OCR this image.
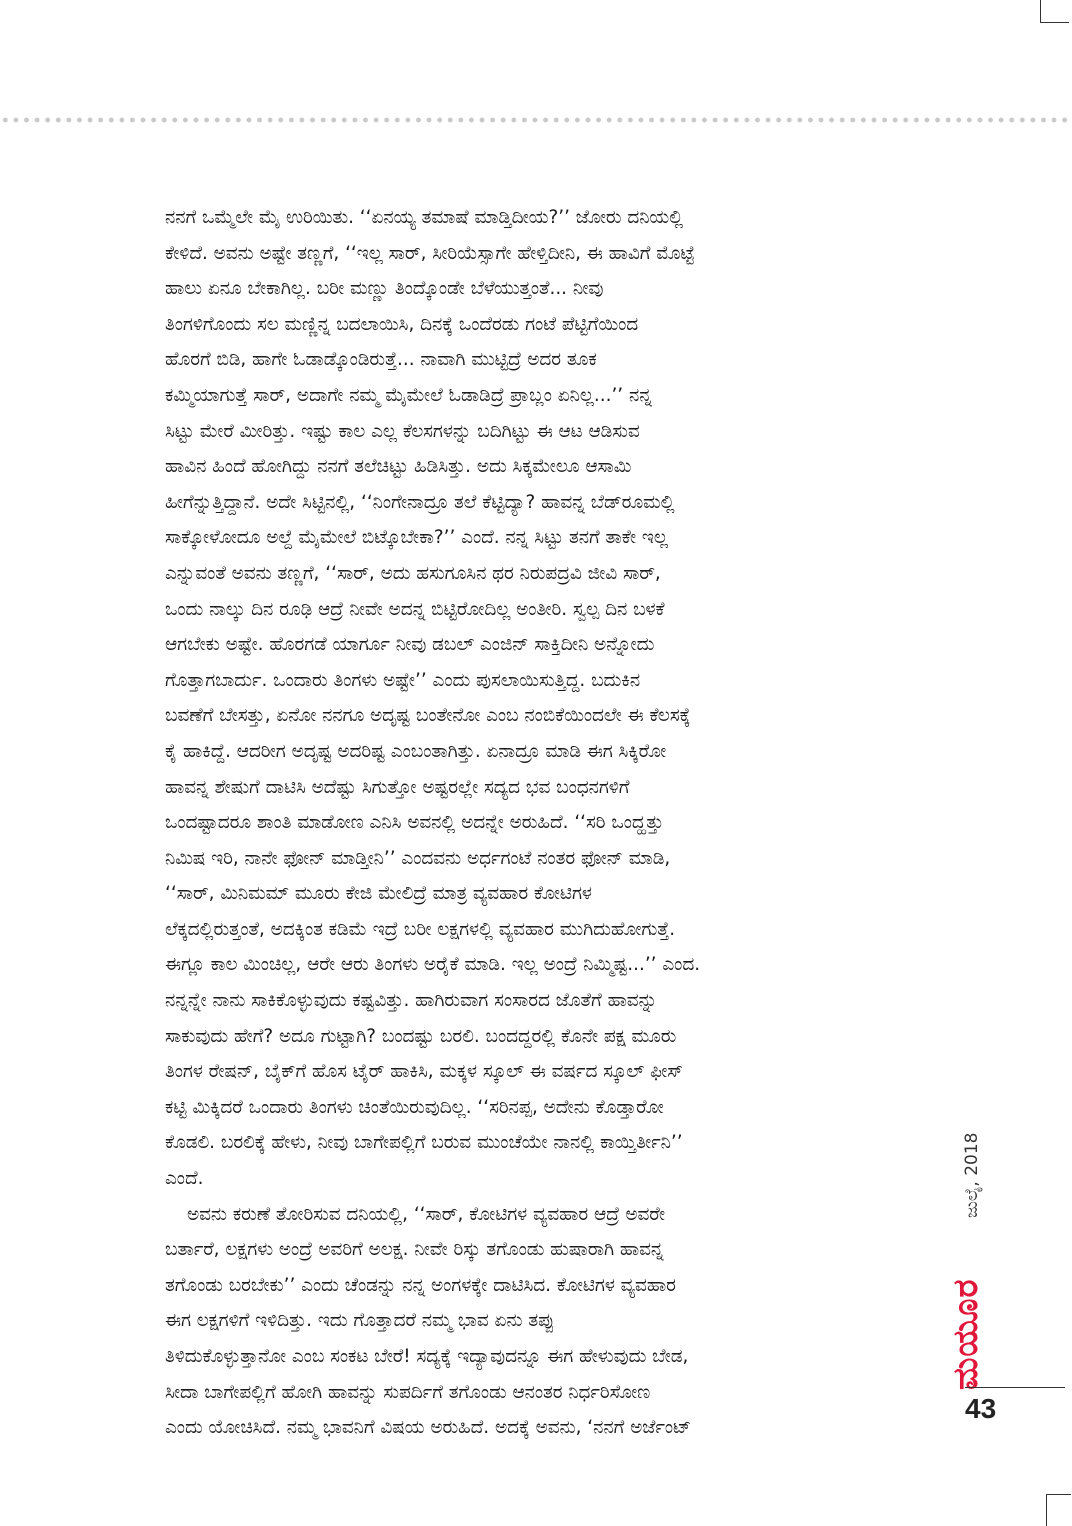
ನನಗೆ ಒಮ್ಮೆಲೇ ಮೈ ಉರಿಯಿತು. ‘‘ಏನಯ್ಯ ತಮಾಷೆ ಮಾಡ್ತಿದೀಯ?’’ ಜೋರು ದನಿಯಲ್ಲಿ
ಕೇಳಿದೆ. ಅವನು ಅಷ್ಟೇ ತಣ್ಣಗೆ, ‘‘ಇಲ್ಲ ಸಾರ್, ಸೀರಿಯೆಸ್ಸಾಗೇ ಹೇಳ್ತಿದೀನಿ, ಈ ಹಾವಿಗೆ ಮೊಟ್ಟೆ
ಹಾಲು ಏನೂ ಬೇಕಾಗಿಲ್ಲ. ಬರೀ ಮಣ್ಣು ತಿಂದ್ಕೊಂಡೇ ಬೆಳೆಯುತ್ತಂತೆ... ನೀವು
ತಿಂಗಳಿಗೊಂದು ಸಲ ಮಣ್ಣಿನ್ನ ಬದಲಾಯಿಸಿ, ದಿನಕ್ಕೆ ಒಂದೆರಡು ಗಂಟೆ ಪೆಟ್ಟಿಗೆಯಿಂದ
ಹೊರಗೆ ಬಿಡಿ, ಹಾಗೇ ಓಡಾಡ್ಕೊಂಡಿರುತ್ತೆ... ನಾವಾಗಿ ಮುಟ್ಟಿದ್ರೆ ಅದರ ತೂಕ
ಕಮ್ಮಿಯಾಗುತ್ತೆ ಸಾರ್, ಅದಾಗೇ ನಮ್ಮ ಮೈಮೇಲೆ ಓಡಾಡಿದ್ರೆ ಪ್ರಾಬ್ಲಂ ಏನಿಲ್ಲ...’’ ನನ್ನ
ಸಿಟ್ಟು ಮೇರೆ ಮೀರಿತ್ತು. ಇಷ್ಟು ಕಾಲ ಎಲ್ಲ ಕೆಲಸಗಳನ್ನು ಬದಿಗಿಟ್ಟು ಈ ಆಟ ಆಡಿಸುವ
ಹಾವಿನ ಹಿಂದೆ ಹೋಗಿದ್ದು ನನಗೆ ತಲೆಚಿಟ್ಟು ಹಿಡಿಸಿತ್ತು. ಅದು ಸಿಕ್ಕಮೇಲೂ ಆಸಾಮಿ
ಹೀಗೆನ್ನುತ್ತಿದ್ದಾನೆ. ಅದೇ ಸಿಟ್ಟಿನಲ್ಲಿ, ‘‘ನಿಂಗೇನಾದ್ರೂ ತಲೆ ಕೆಟ್ಟಿದ್ಯಾ? ಹಾವನ್ನ ಬೆಡ್‌ರೂಮಲ್ಲಿ
ಸಾಕ್ಕೋಳೋದೂ ಅಲ್ದೆ ಮೈಮೇಲೆ ಬಿಟ್ಕೊಬೇಕಾ?’’ ಎಂದೆ. ನನ್ನ ಸಿಟ್ಟು ತನಗೆ ತಾಕೇ ಇಲ್ಲ
ಎನ್ನುವಂತೆ ಅವನು ತಣ್ಣಗೆ, ‘‘ಸಾರ್, ಅದು ಹಸುಗೂಸಿನ ಥರ ನಿರುಪದ್ರವಿ ಜೀವಿ ಸಾರ್,
ಒಂದು ನಾಲ್ಕು ದಿನ ರೂಢಿ ಆದ್ರೆ ನೀವೇ ಅದನ್ನ ಬಿಟ್ಟಿರೋದಿಲ್ಲ ಅಂತೀರಿ. ಸ್ವಲ್ಪ ದಿನ ಬಳಕೆ
ಆಗಬೇಕು ಅಷ್ಟೇ. ಹೊರಗಡೆ ಯಾರ್ಗೂ ನೀವು ಡಬಲ್ ಎಂಜಿನ್ ಸಾಕ್ತಿದೀನಿ ಅನ್ನೋದು
ಗೊತ್ತಾಗಬಾರ್ದು. ಒಂದಾರು ತಿಂಗಳು ಅಷ್ಟೇ’’ ಎಂದು ಪುಸಲಾಯಿಸುತ್ತಿದ್ದ. ಬದುಕಿನ
ಬವಣೆಗೆ ಬೇಸತ್ತು, ಏನೋ ನನಗೂ ಅದೃಷ್ಟ ಬಂತೇನೋ ಎಂಬ ನಂಬಿಕೆಯಿಂದಲೇ ಈ ಕೆಲಸಕ್ಕೆ
ಕೈ ಹಾಕಿದ್ದೆ. ಆದರೀಗ ಅದೃಷ್ಟ ಅದರಿಷ್ಟ ಎಂಬಂತಾಗಿತ್ತು. ಏನಾದ್ರೂ ಮಾಡಿ ಈಗ ಸಿಕ್ಕಿರೋ
ಹಾವನ್ನ ಶೇಷುಗೆ ದಾಟಿಸಿ ಅದೆಷ್ಟು ಸಿಗುತ್ತೋ ಅಷ್ಟರಲ್ಲೇ ಸದ್ಯದ ಭವ ಬಂಧನಗಳಿಗೆ
ಒಂದಷ್ಟಾದರೂ ಶಾಂತಿ ಮಾಡೋಣ ಎನಿಸಿ ಅವನಲ್ಲಿ ಅದನ್ನೇ ಅರುಹಿದೆ. ‘‘ಸರಿ ಒಂದ್ಹತ್ತು
ನಿಮಿಷ ಇರಿ, ನಾನೇ ಫೋನ್ ಮಾಡ್ತೀನಿ’’ ಎಂದವನು ಅರ್ಧಗಂಟೆ ನಂತರ ಫೋನ್ ಮಾಡಿ,
‘‘ಸಾರ್, ಮಿನಿಮಮ್ ಮೂರು ಕೇಜಿ ಮೇಲಿದ್ರೆ ಮಾತ್ರ ವ್ಯವಹಾರ ಕೋಟಿಗಳ
ಲೆಕ್ಕದಲ್ಲಿರುತ್ತಂತೆ, ಅದಕ್ಕಿಂತ ಕಡಿಮೆ ಇದ್ರೆ ಬರೀ ಲಕ್ಷಗಳಲ್ಲಿ ವ್ಯವಹಾರ ಮುಗಿದುಹೋಗುತ್ತೆ.
ಈಗ್ಲೂ ಕಾಲ ಮಿಂಚಿಲ್ಲ, ಆರೇ ಆರು ತಿಂಗಳು ಅರೈಕೆ ಮಾಡಿ. ಇಲ್ಲ ಅಂದ್ರೆ ನಿಮ್ಮಿಷ್ಟ...’’ ಎಂದ.
ನನ್ನನ್ನೇ ನಾನು ಸಾಕಿಕೊಳ್ಳುವುದು ಕಷ್ಟವಿತ್ತು. ಹಾಗಿರುವಾಗ ಸಂಸಾರದ ಜೊತೆಗೆ ಹಾವನ್ನು
ಸಾಕುವುದು ಹೇಗೆ? ಅದೂ ಗುಟ್ಟಾಗಿ? ಬಂದಷ್ಟು ಬರಲಿ. ಬಂದದ್ದರಲ್ಲಿ ಕೊನೇ ಪಕ್ಷ ಮೂರು
ತಿಂಗಳ ರೇಷನ್, ಬೈಕ್‌ಗೆ ಹೊಸ ಟೈರ್ ಹಾಕಿಸಿ, ಮಕ್ಕಳ ಸ್ಕೂಲ್ ಈ ವರ್ಷದ ಸ್ಕೂಲ್ ಫೀಸ್
ಕಟ್ಟಿ ಮಿಕ್ಕಿದರೆ ಒಂದಾರು ತಿಂಗಳು ಚಿಂತೆಯಿರುವುದಿಲ್ಲ. ‘‘ಸರಿನಪ್ಪ, ಅದೇನು ಕೊಡ್ತಾರೋ
ಕೊಡಲಿ. ಬರಲಿಕ್ಕೆ ಹೇಳು, ನೀವು ಬಾಗೇಪಲ್ಲಿಗೆ ಬರುವ ಮುಂಚೆಯೇ ನಾನಲ್ಲಿ ಕಾಯ್ತಿರ್ತೀನಿ’’
ಎಂದೆ.
ಅವನು ಕರುಣೆ ತೋರಿಸುವ ದನಿಯಲ್ಲಿ, ‘‘ಸಾರ್, ಕೋಟಿಗಳ ವ್ಯವಹಾರ ಆದ್ರೆ ಅವರೇ
ಬರ್ತಾರೆ, ಲಕ್ಷಗಳು ಅಂದ್ರೆ ಅವರಿಗೆ ಅಲಕ್ಷ. ನೀವೇ ರಿಸ್ಕು ತಗೊಂಡು ಹುಷಾರಾಗಿ ಹಾವನ್ನ
ತಗೊಂಡು ಬರಬೇಕು’’ ಎಂದು ಚೆಂಡನ್ನು ನನ್ನ ಅಂಗಳಕ್ಕೇ ದಾಟಿಸಿದ. ಕೋಟಿಗಳ ವ್ಯವಹಾರ
ಈಗ ಲಕ್ಷಗಳಿಗೆ ಇಳಿದಿತ್ತು. ಇದು ಗೊತ್ತಾದರೆ ನಮ್ಮ ಭಾವ ಏನು ತಪ್ಪು
ತಿಳಿದುಕೊಳ್ಳುತ್ತಾನೋ ಎಂಬ ಸಂಕಟ ಬೇರೆ! ಸದ್ಯಕ್ಕೆ ಇದ್ಯಾವುದನ್ನೂ ಈಗ ಹೇಳುವುದು ಬೇಡ,
ಸೀದಾ ಬಾಗೇಪಲ್ಲಿಗೆ ಹೋಗಿ ಹಾವನ್ನು ಸುಪರ್ದಿಗೆ ತಗೊಂಡು ಆನಂತರ ನಿರ್ಧರಿಸೋಣ
ಎಂದು ಯೋಚಿಸಿದೆ. ನಮ್ಮ ಭಾವನಿಗೆ ವಿಷಯ ಅರುಹಿದೆ. ಅದಕ್ಕೆ ಅವನು, ‘ನನಗೆ ಅರ್ಜೆಂಟ್
ಜುಲೈ, 2018
ಮಯೂರ
43
